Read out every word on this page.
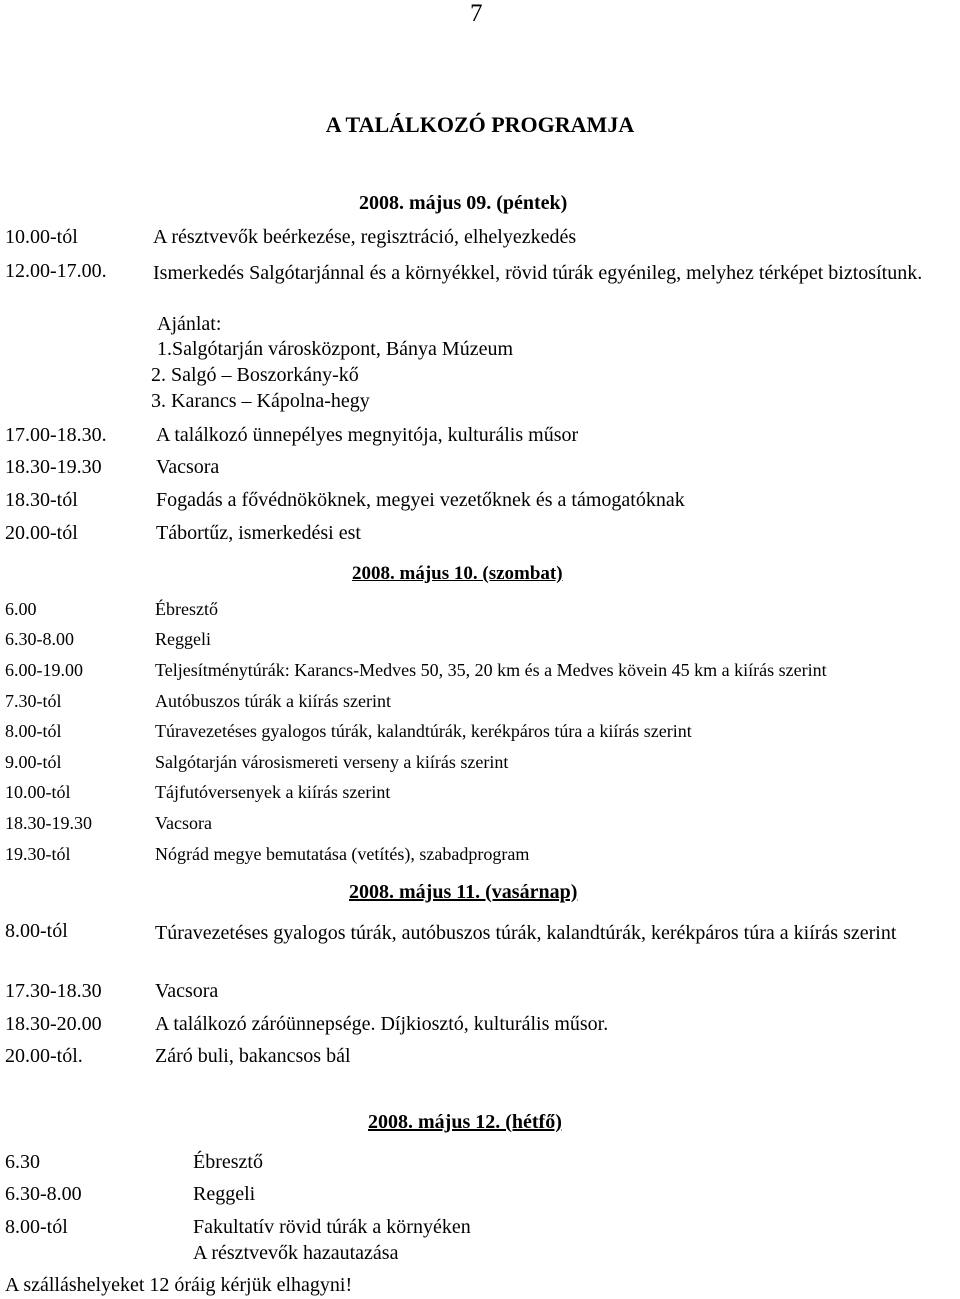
7
A TALÁLKOZÓ PROGRAMJA
2008. május 09. (péntek)
10.00-tól	A résztvevők beérkezése, regisztráció, elhelyezkedés
12.00-17.00. Ismerkedés Salgótarjánnal és a környékkel, rövid túrák egyénileg, melyhez térképet biztosítunk.
Ajánlat:
1.Salgótarján városközpont, Bánya Múzeum
2. Salgó – Boszorkány-kő
3. Karancs – Kápolna-hegy
17.00-18.30. A találkozó ünnepélyes megnyitója, kulturális műsor
18.30-19.30	Vacsora
18.30-tól	Fogadás a fővédnököknek, megyei vezetőknek és a támogatóknak
20.00-tól	Tábortűz, ismerkedési est
2008. május 10. (szombat)
6.00	Ébresztő
6.30-8.00	Reggeli
6.00-19.00	Teljesítménytúrák: Karancs-Medves 50, 35, 20 km és a Medves kövein 45 km a kiírás szerint
7.30-tól	Autóbuszos túrák a kiírás szerint
8.00-tól	Túravezetéses gyalogos túrák, kalandtúrák, kerékpáros túra a kiírás szerint
9.00-tól	Salgótarján városismereti verseny a kiírás szerint
10.00-tól	Tájfutóversenyek a kiírás szerint
18.30-19.30	Vacsora
19.30-tól	Nógrád megye bemutatása (vetítés), szabadprogram
2008. május 11. (vasárnap)
8.00-tól	Túravezetéses gyalogos túrák, autóbuszos túrák, kalandtúrák, kerékpáros túra a kiírás szerint
17.30-18.30	Vacsora
18.30-20.00	A találkozó záróünnepsége. Díjkiosztó, kulturális műsor.
20.00-tól.	Záró buli, bakancsos bál
2008. május 12. (hétfő)
6.30	Ébresztő
6.30-8.00	Reggeli
8.00-tól	Fakultatív rövid túrák a környéken
A résztvevők hazautazása
A szálláshelyeket 12 óráig kérjük elhagyni!
